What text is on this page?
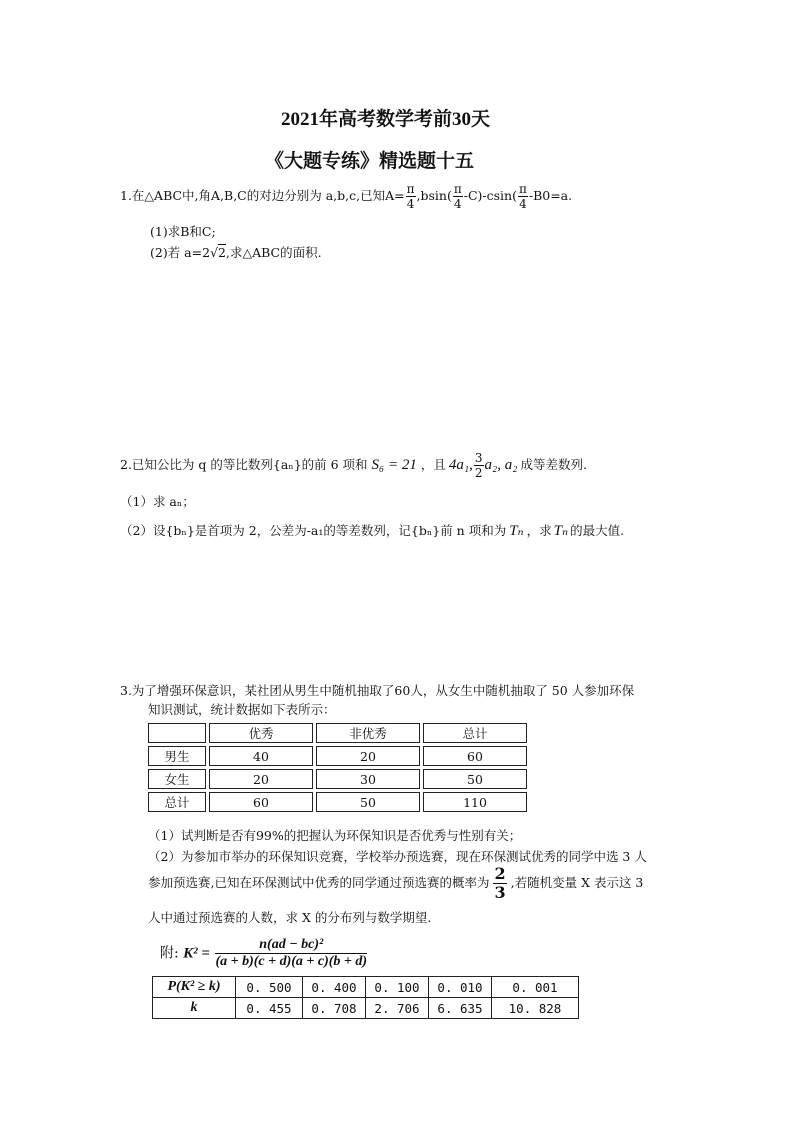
2021年高考数学考前30天
《大题专练》精选题十五
1.在△ABC中,角A,B,C的对边分别为 a,b,c,已知$A= \frac{\pi}{4} ,bsin( \frac{\pi}{4} -C)-csin( \frac{\pi}{4} -B0=a$.
(1)求B和C;
(2)若 a=2√2,求△ABC的面积.
2.已知公比为 q 的等比数列{aₙ}的前 6 项和 S₆ = 21 ，且 4a₁, $\frac{3}{2} a_2$, a₂ 成等差数列.
（1）求 aₙ；
（2）设{bₙ}是首项为 2，公差为-a₁的等差数列，记{bₙ}前 n 项和为 Tₙ ，求 Tₙ 的最大值.
3.为了增强环保意识，某社团从男生中随机抽取了60人，从女生中随机抽取了 50 人参加环保
知识测试，统计数据如下表所示：
	优秀	非优秀	总计
男生	40	20	60
女生	20	30	50
总计	60	50	110
（1）试判断是否有99%的把握认为环保知识是否优秀与性别有关；
（2）为参加市举办的环保知识竞赛，学校举办预选赛，现在环保测试优秀的同学中选 3 人
参加预选赛,已知在环保测试中优秀的同学通过预选赛的概率为 $\frac{2}{3}$ ,若随机变量 X 表示这 3
人中通过预选赛的人数，求 X 的分布列与数学期望.
附: $K^2 = \frac{\text{n(ad − bc)²}}{(a + b)(c + d)(a + c)(b + d)}$
P(K² ≥ k)	0. 500	0. 400	0. 100	0. 010	0. 001
k	0. 455	0. 708	2. 706	6. 635	10. 828
